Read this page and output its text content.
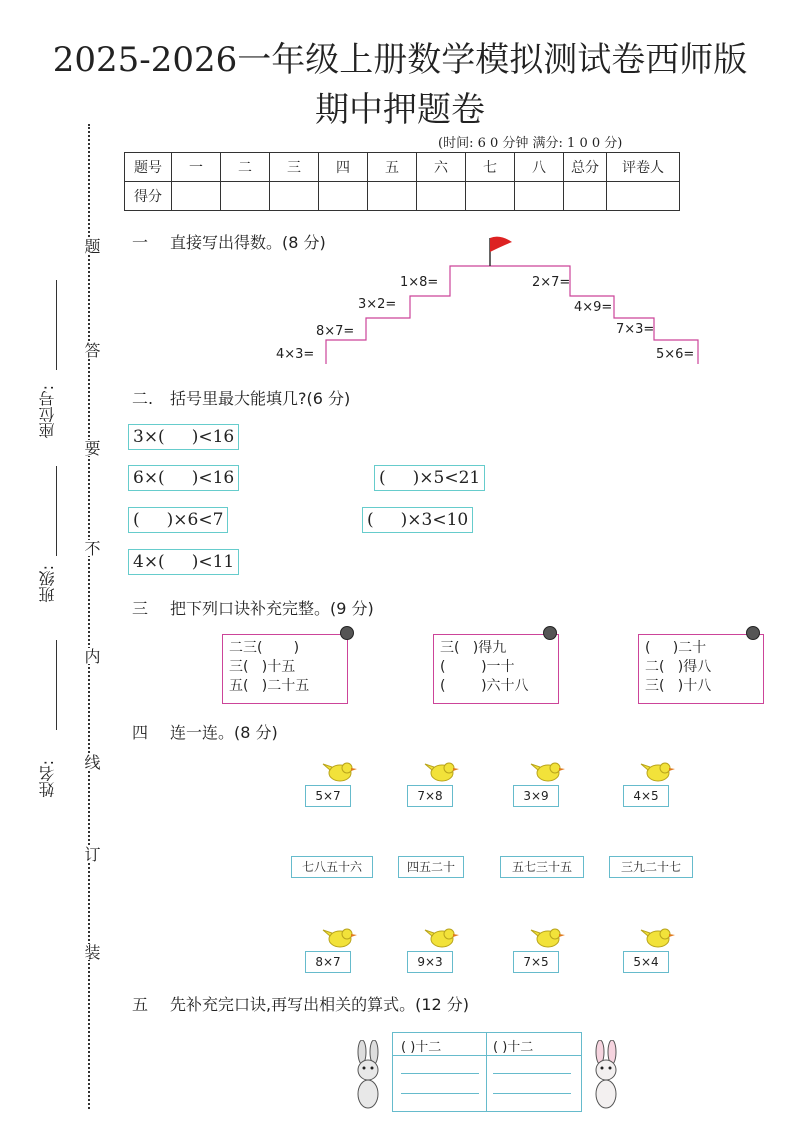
2025-2026一年级上册数学模拟测试卷西师版
期中押题卷
(时间: 6 0 分钟 满分: 1 0 0 分)
题号	一	二	三	四	五	六	七	八	总分	评卷人
得分										
姓名:
班级:
座位号:
题
答
要
不
内
线
订
装
一 直接写出得数。(8 分)
4×3=
8×7=
3×2=
1×8=	2×7=
4×9=
7×3=
5×6=
二. 括号里最大能填几?(6 分)
3×(     )<16
6×(     )<16	(     )×5<21
(     )×6<7	(     )×3<10
4×(     )<11
三 把下列口诀补充完整。(9 分)
二三(       )
三(   )十五
五(   )二十五
三(   )得九
(        )一十
(        )六十八
(     )二十
二(   )得八
三(   )十八
四 连一连。(8 分)
5×7	7×8	3×9	4×5
七八五十六	四五二十	五七三十五	三九二十七
8×7	9×3	7×5	5×4
五 先补充完口诀,再写出相关的算式。(12 分)
( )十二	( )十二
